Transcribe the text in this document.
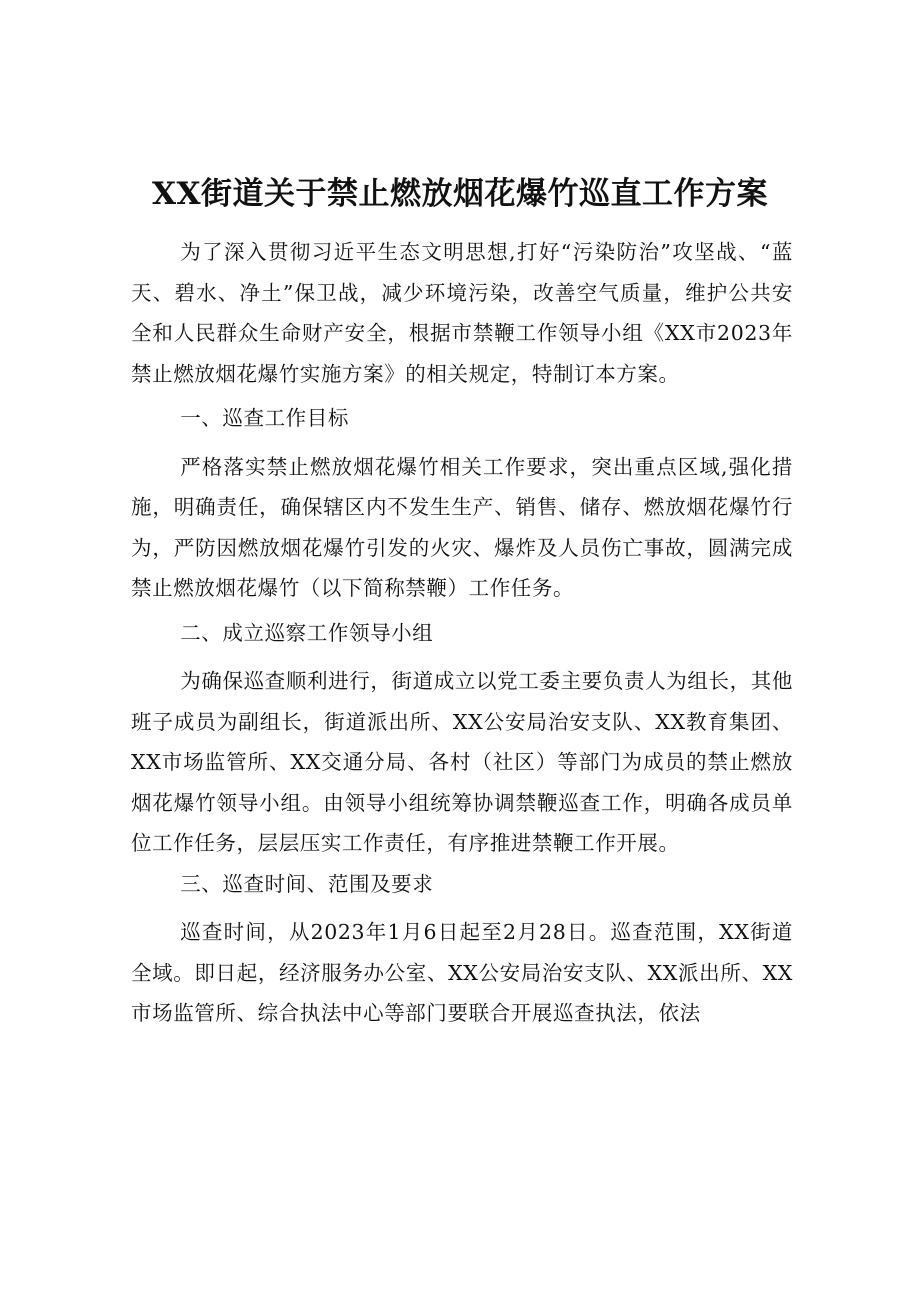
XX街道关于禁止燃放烟花爆竹巡直工作方案

为了深入贯彻习近平生态文明思想,打好“污染防治”攻坚战、“蓝天、碧水、净土”保卫战，减少环境污染，改善空气质量，维护公共安全和人民群众生命财产安全，根据市禁鞭工作领导小组《XX市2023年禁止燃放烟花爆竹实施方案》的相关规定，特制订本方案。

一、巡查工作目标

严格落实禁止燃放烟花爆竹相关工作要求，突出重点区域,强化措施，明确责任，确保辖区内不发生生产、销售、储存、燃放烟花爆竹行为，严防因燃放烟花爆竹引发的火灾、爆炸及人员伤亡事故，圆满完成禁止燃放烟花爆竹（以下简称禁鞭）工作任务。

二、成立巡察工作领导小组

为确保巡查顺利进行，街道成立以党工委主要负责人为组长，其他班子成员为副组长，街道派出所、XX公安局治安支队、XX教育集团、XX市场监管所、XX交通分局、各村（社区）等部门为成员的禁止燃放烟花爆竹领导小组。由领导小组统筹协调禁鞭巡查工作，明确各成员单位工作任务，层层压实工作责任，有序推进禁鞭工作开展。

三、巡查时间、范围及要求

巡查时间，从2023年1月6日起至2月28日。巡查范围，XX街道全域。即日起，经济服务办公室、XX公安局治安支队、XX派出所、XX市场监管所、综合执法中心等部门要联合开展巡查执法，依法
